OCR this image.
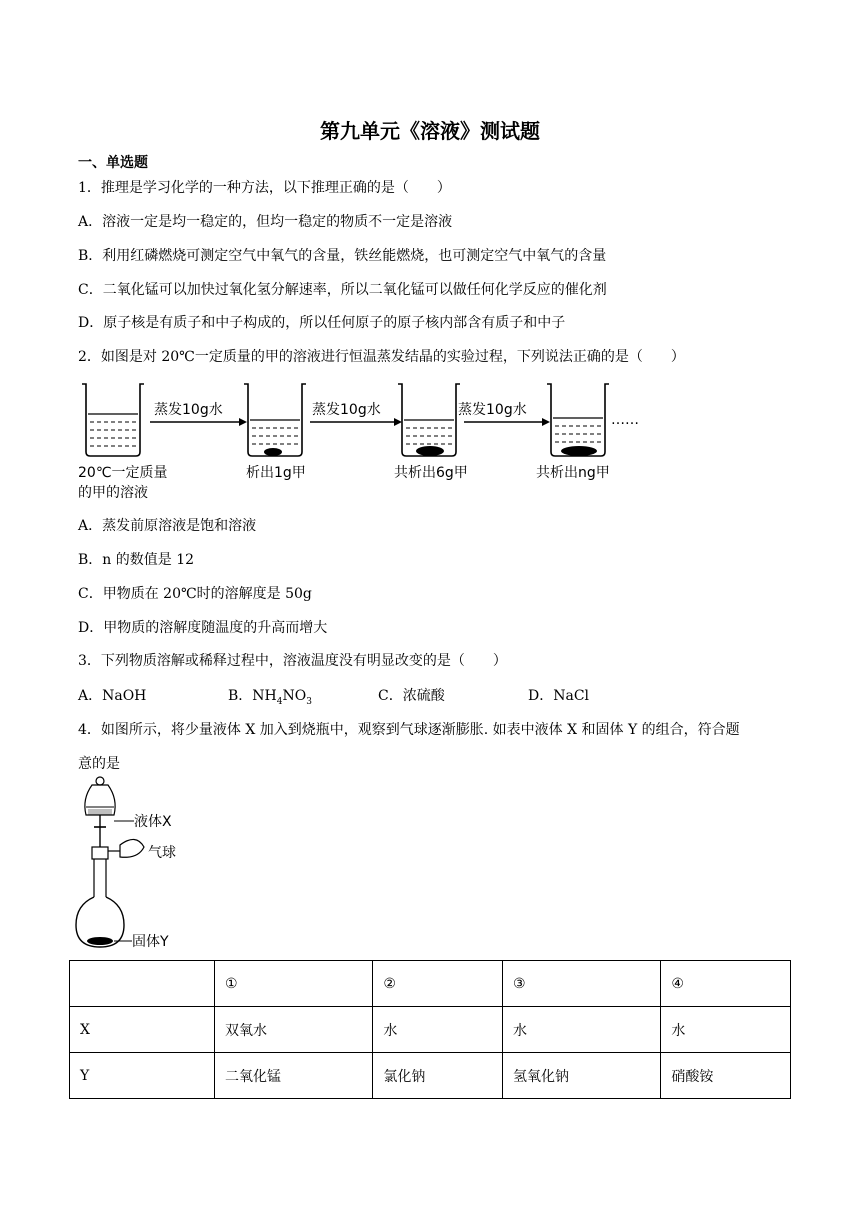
第九单元《溶液》测试题
一、单选题
1．推理是学习化学的一种方法，以下推理正确的是（　　）
A．溶液一定是均一稳定的，但均一稳定的物质不一定是溶液
B．利用红磷燃烧可测定空气中氧气的含量，铁丝能燃烧，也可测定空气中氧气的含量
C．二氧化锰可以加快过氧化氢分解速率，所以二氧化锰可以做任何化学反应的催化剂
D．原子核是有质子和中子构成的，所以任何原子的原子核内部含有质子和中子
2．如图是对 20℃一定质量的甲的溶液进行恒温蒸发结晶的实验过程，下列说法正确的是（　　）
蒸发10g水	蒸发10g水	蒸发10g水
……
20℃一定质量
的甲的溶液
析出1g甲	共析出6g甲	共析出ng甲
A．蒸发前原溶液是饱和溶液
B．n 的数值是 12
C．甲物质在 20℃时的溶解度是 50g
D．甲物质的溶解度随温度的升高而增大
3．下列物质溶解或稀释过程中，溶液温度没有明显改变的是（　　）
A．NaOH	B．$NH_4NO_3$	C．浓硫酸	D．NaCl
4．如图所示，将少量液体 X 加入到烧瓶中，观察到气球逐渐膨胀. 如表中液体 X 和固体 Y 的组合，符合题
意的是
液体X
气球
固体Y
	①	②	③	④
X	双氧水	水	水	水
Y	二氧化锰	氯化钠	氢氧化钠	硝酸铵
